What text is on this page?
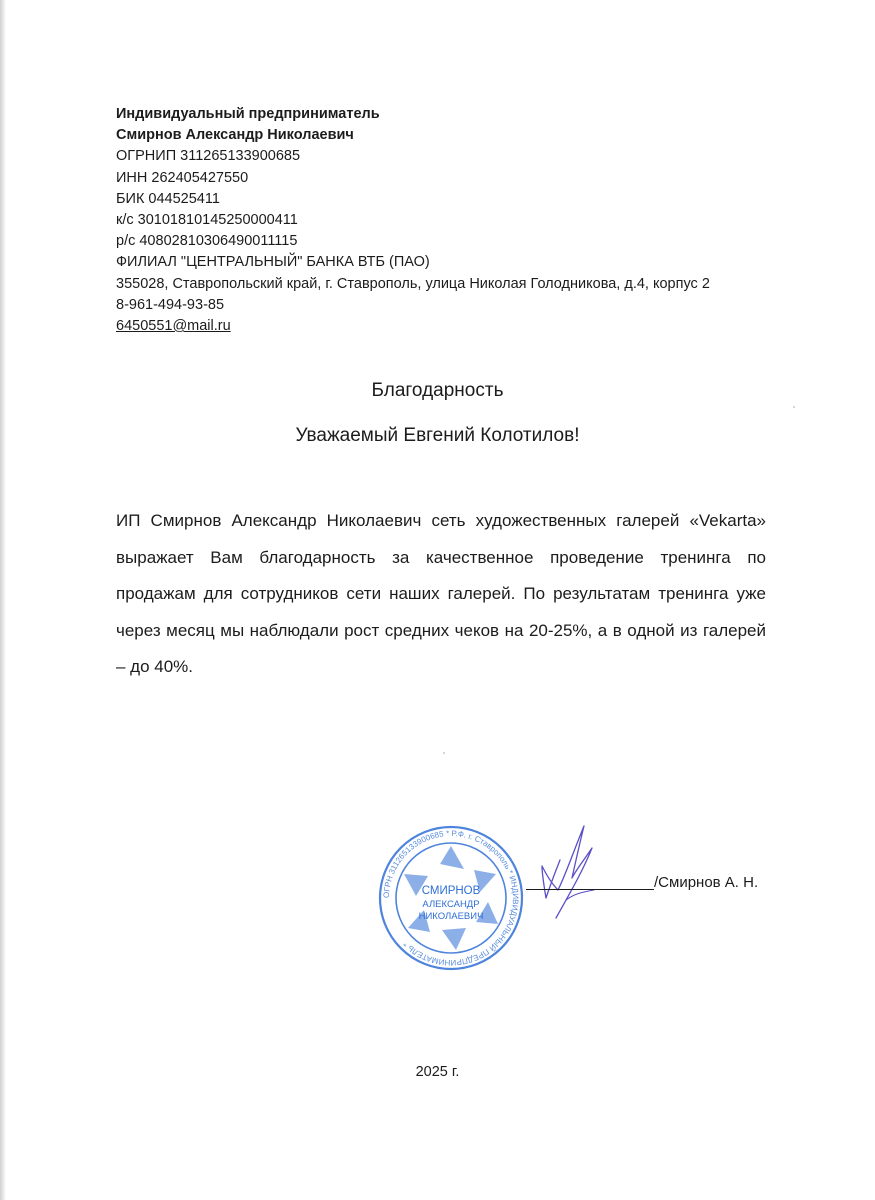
Индивидуальный предприниматель
Смирнов Александр Николаевич
ОГРНИП 311265133900685
ИНН 262405427550
БИК 044525411
к/с 30101810145250000411
р/с 40802810306490011115
ФИЛИАЛ "ЦЕНТРАЛЬНЫЙ" БАНКА ВТБ (ПАО)
355028, Ставропольский край, г. Ставрополь, улица Николая Голодникова, д.4, корпус 2
8-961-494-93-85
6450551@mail.ru
Благодарность
Уважаемый Евгений Колотилов!
ИП Смирнов Александр Николаевич сеть художественных галерей «Vekarta» выражает Вам благодарность за качественное проведение тренинга по продажам для сотрудников сети наших галерей. По результатам тренинга уже через месяц мы наблюдали рост средних чеков на 20-25%, а в одной из галерей – до 40%.
ОГРН 311265133900685 * Р.Ф. г. Ставрополь * ИНДИВИДУАЛЬНЫЙ ПРЕДПРИНИМАТЕЛЬ *
СМИРНОВ
АЛЕКСАНДР
НИКОЛАЕВИЧ
/Смирнов А. Н.
2025 г.
